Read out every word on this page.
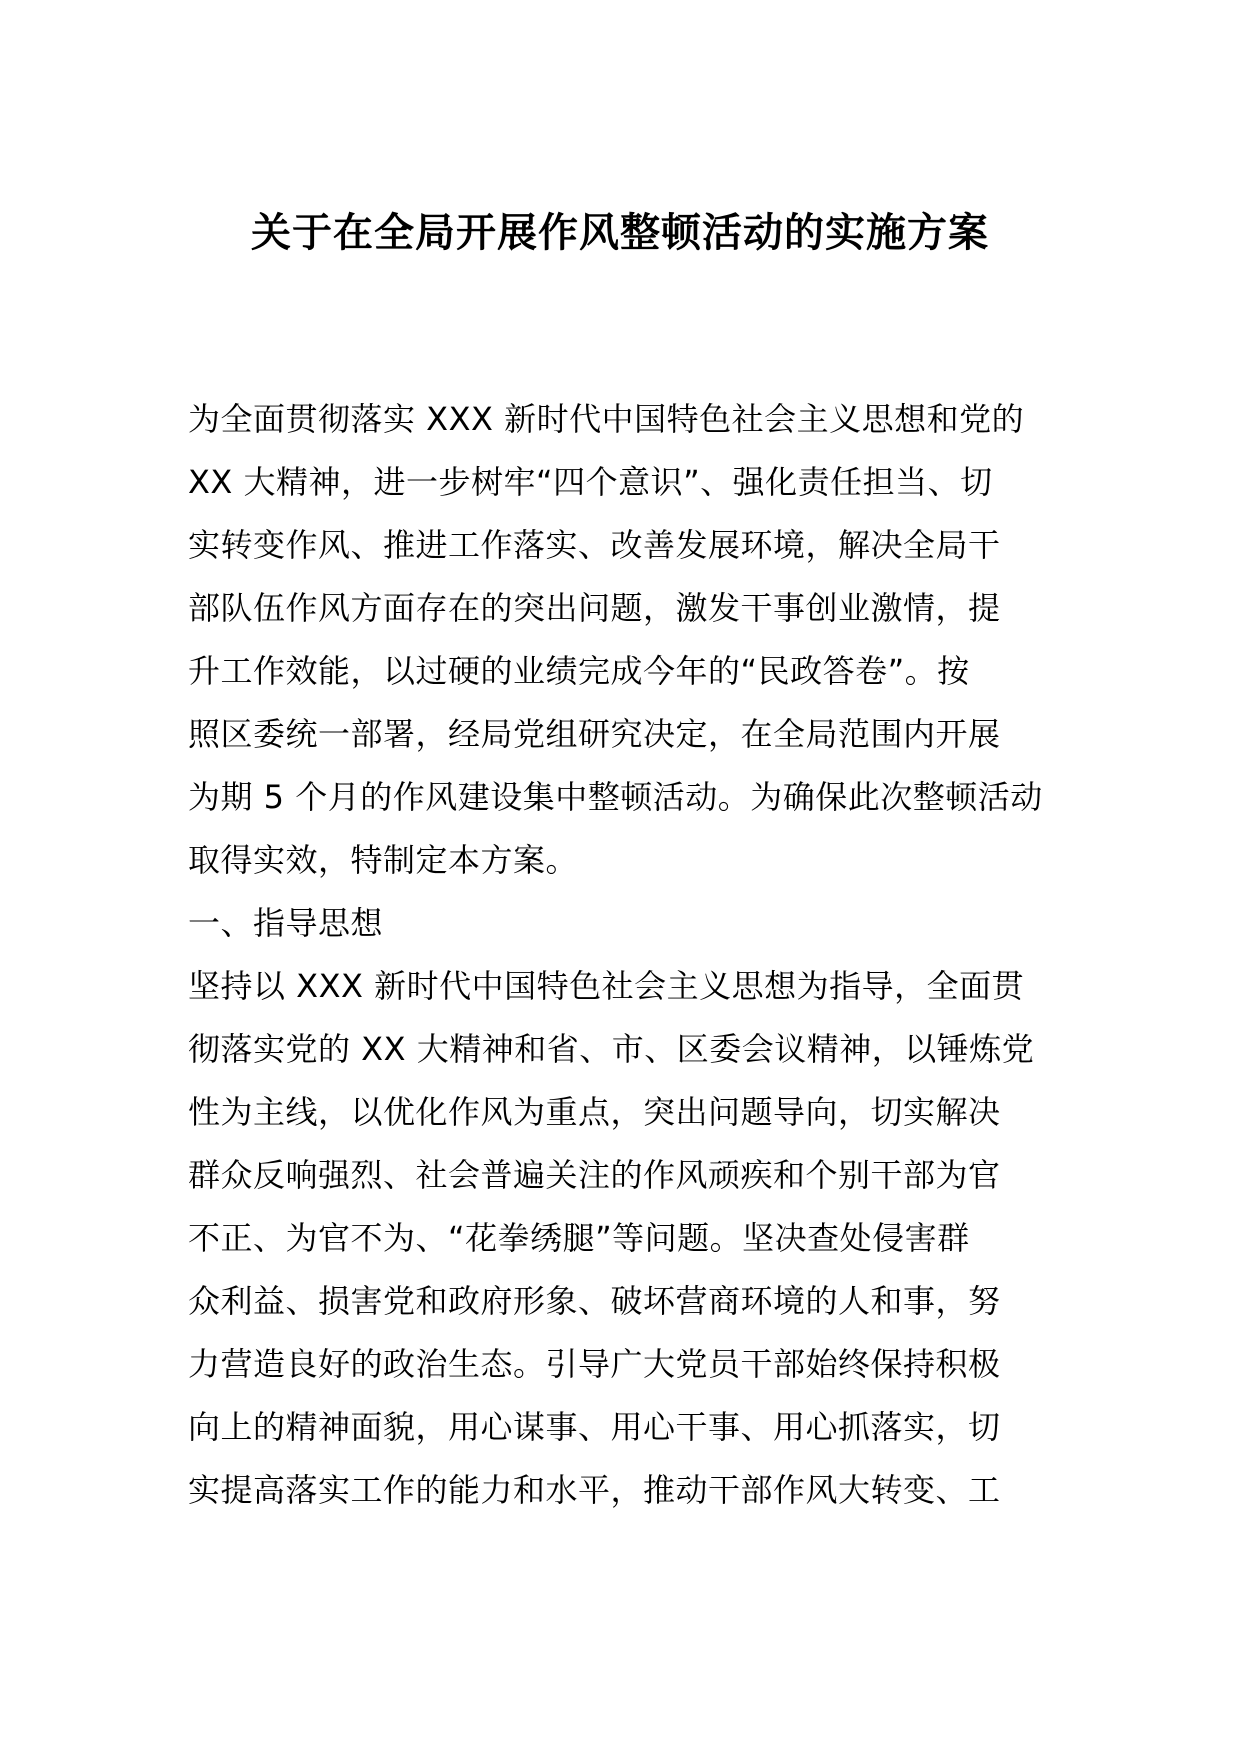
关于在全局开展作风整顿活动的实施方案
为全面贯彻落实 XXX 新时代中国特色社会主义思想和党的
XX 大精神，进一步树牢“四个意识”、强化责任担当、切
实转变作风、推进工作落实、改善发展环境，解决全局干
部队伍作风方面存在的突出问题，激发干事创业激情，提
升工作效能，以过硬的业绩完成今年的“民政答卷”。按
照区委统一部署，经局党组研究决定，在全局范围内开展
为期 5 个月的作风建设集中整顿活动。为确保此次整顿活动
取得实效，特制定本方案。
一、指导思想
坚持以 XXX 新时代中国特色社会主义思想为指导，全面贯
彻落实党的 XX 大精神和省、市、区委会议精神，以锤炼党
性为主线，以优化作风为重点，突出问题导向，切实解决
群众反响强烈、社会普遍关注的作风顽疾和个别干部为官
不正、为官不为、“花拳绣腿”等问题。坚决查处侵害群
众利益、损害党和政府形象、破坏营商环境的人和事，努
力营造良好的政治生态。引导广大党员干部始终保持积极
向上的精神面貌，用心谋事、用心干事、用心抓落实，切
实提高落实工作的能力和水平，推动干部作风大转变、工
